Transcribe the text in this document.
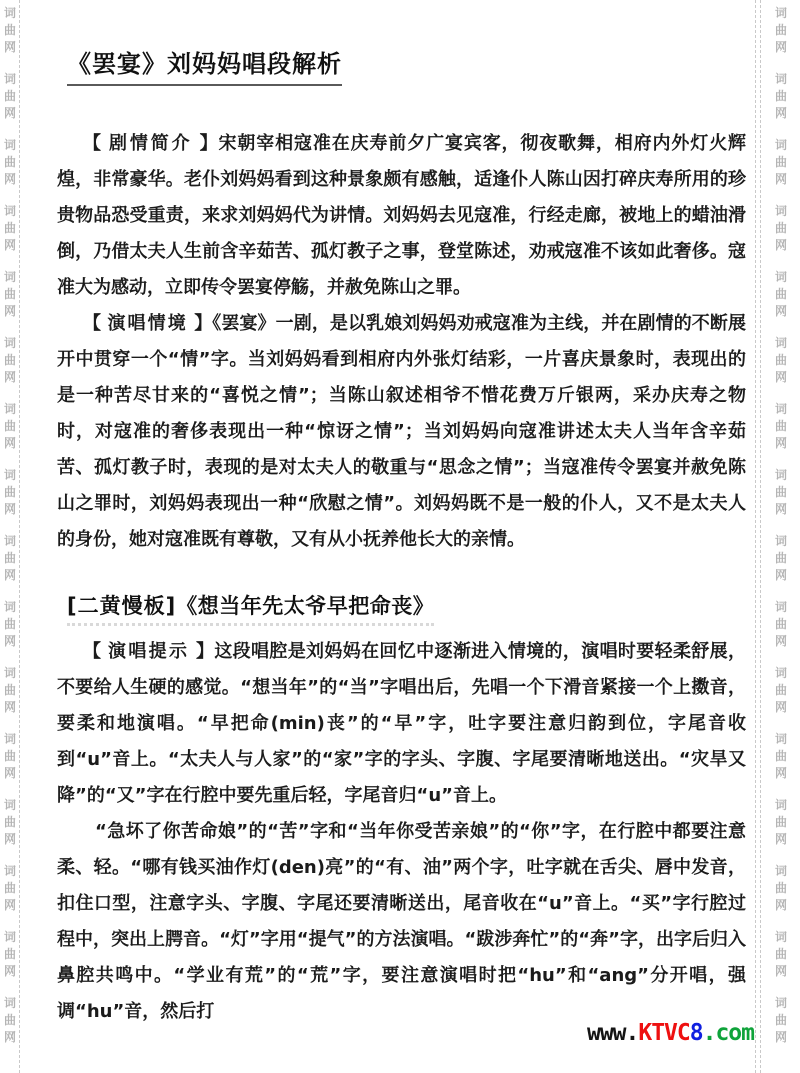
词
曲
网
词
曲
网
词
曲
网
词
曲
网
词
曲
网
词
曲
网
词
曲
网
词
曲
网
词
曲
网
词
曲
网
词
曲
网
词
曲
网
词
曲
网
词
曲
网
词
曲
网
词
曲
网
词
曲
网
词
曲
网
词
曲
网
词
曲
网
词
曲
网
词
曲
网
词
曲
网
词
曲
网
词
曲
网
词
曲
网
词
曲
网
词
曲
网
词
曲
网
词
曲
网
词
曲
网
词
曲
网
《罢宴》刘妈妈唱段解析

【 剧情简介 】宋朝宰相寇准在庆寿前夕广宴宾客，彻夜歌舞，相府内外灯火辉煌，非常豪华。老仆刘妈妈看到这种景象颇有感触，适逢仆人陈山因打碎庆寿所用的珍贵物品恐受重责，来求刘妈妈代为讲情。刘妈妈去见寇准，行经走廊，被地上的蜡油滑倒，乃借太夫人生前含辛茹苦、孤灯教子之事，登堂陈述，劝戒寇准不该如此奢侈。寇准大为感动，立即传令罢宴停觞，并赦免陈山之罪。

【 演唱情境 】《罢宴》一剧，是以乳娘刘妈妈劝戒寇准为主线，并在剧情的不断展开中贯穿一个“情”字。当刘妈妈看到相府内外张灯结彩，一片喜庆景象时，表现出的是一种苦尽甘来的“喜悦之情”；当陈山叙述相爷不惜花费万斤银两，采办庆寿之物时，对寇准的奢侈表现出一种“惊讶之情”；当刘妈妈向寇准讲述太夫人当年含辛茹苦、孤灯教子时，表现的是对太夫人的敬重与“思念之情”；当寇准传令罢宴并赦免陈山之罪时，刘妈妈表现出一种“欣慰之情”。刘妈妈既不是一般的仆人，又不是太夫人的身份，她对寇准既有尊敬，又有从小抚养他长大的亲情。

[二黄慢板]《想当年先太爷早把命丧》

【 演唱提示 】这段唱腔是刘妈妈在回忆中逐渐进入情境的，演唱时要轻柔舒展，不要给人生硬的感觉。“想当年”的“当”字唱出后，先唱一个下滑音紧接一个上擞音，要柔和地演唱。“早把命(min)丧”的“早”字，吐字要注意归韵到位，字尾音收到“u”音上。“太夫人与人家”的“家”字的字头、字腹、字尾要清晰地送出。“灾旱又降”的“又”字在行腔中要先重后轻，字尾音归“u”音上。

“急坏了你苦命娘”的“苦”字和“当年你受苦亲娘”的“你”字，在行腔中都要注意柔、轻。“哪有钱买油作灯(den)亮”的“有、油”两个字，吐字就在舌尖、唇中发音，扣住口型，注意字头、字腹、字尾还要清晰送出，尾音收在“u”音上。“买”字行腔过程中，突出上腭音。“灯”字用“提气”的方法演唱。“跋涉奔忙”的“奔”字，出字后归入鼻腔共鸣中。“学业有荒”的“荒”字，要注意演唱时把“hu”和“ang”分开唱，强调“hu”音，然后打

www.KTVC8.com
